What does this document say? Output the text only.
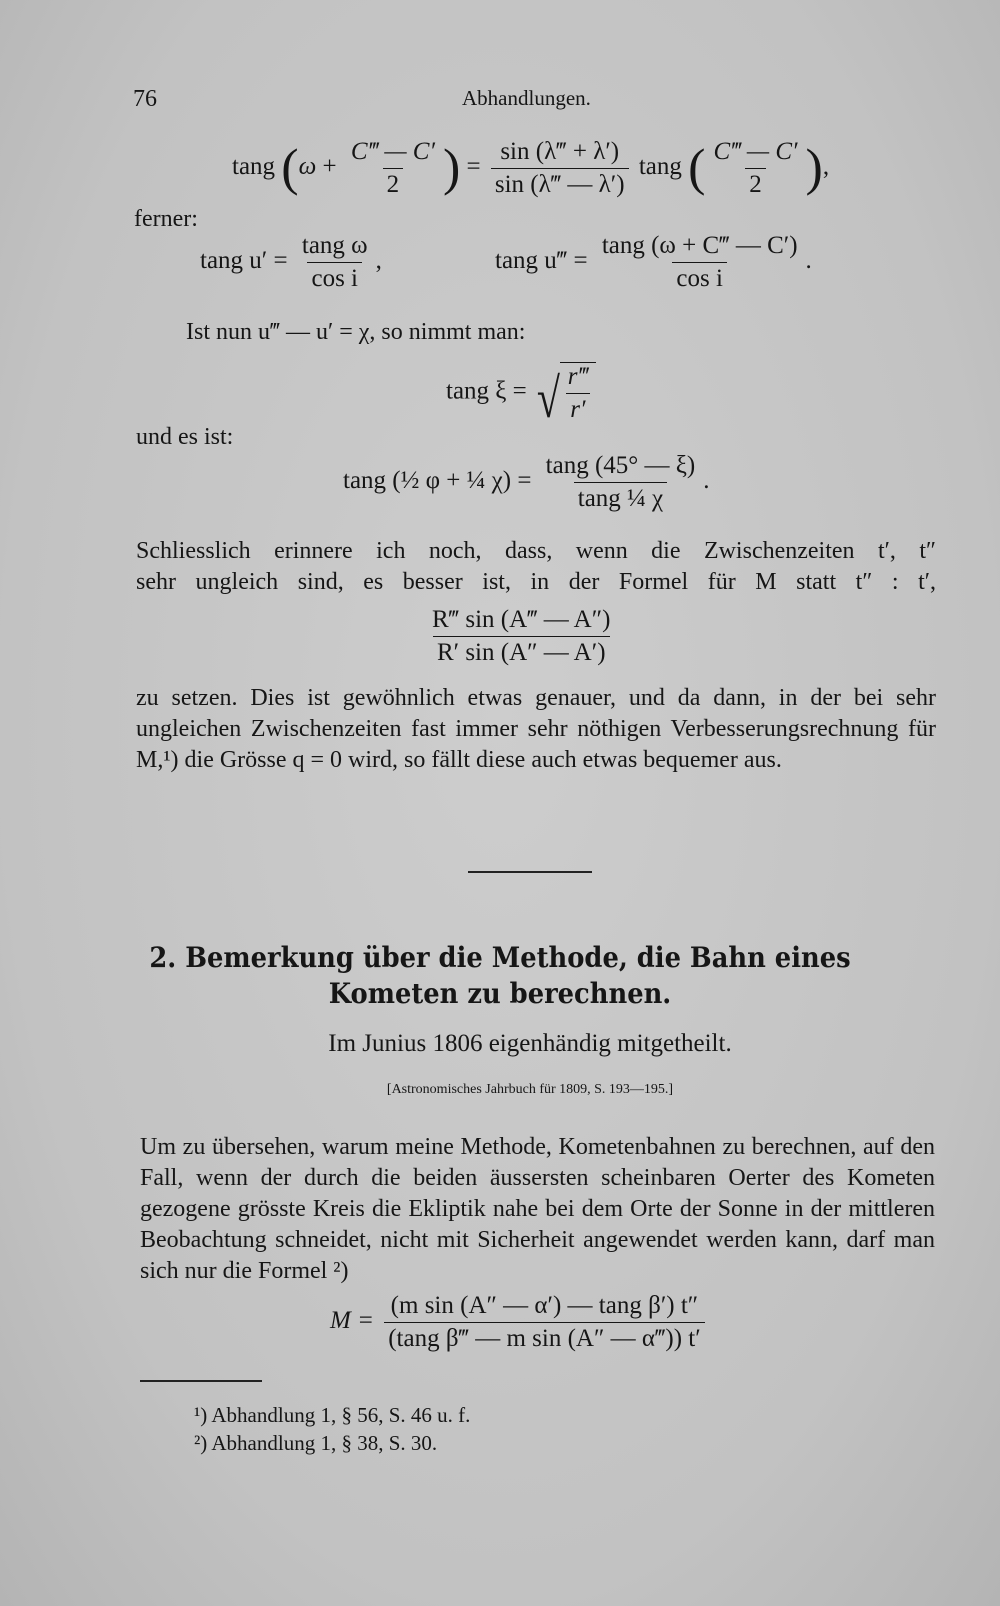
76	Abhandlungen.
tang ($\omega + \frac{C‴ — C'}{2}$ ) = $\frac{\sin (\lambda‴ + \lambda')}{\sin (\lambda‴ — \lambda')}$ tang ( $\frac{C‴ — C'}{2}$ ),
ferner:
tang $u' = \frac{\text{tang ω}}{\text{cos i}}$ ,	tang u‴ = $\frac{\tan g (\omega + C‴ — C')}{\text{cos i}}$ .
Ist nun u‴ — u′ = χ, so nimmt man:
tang ξ = √ $\frac{r‴}{r'}$
und es ist:
tang (½ φ + ¼ $\chi) = \frac{\tan g (45^\circ — \xi)}{\text{tang ¼ χ}}$ .
Schliesslich erinnere ich noch, dass, wenn die Zwischenzeiten t′, t″
sehr ungleich sind, es besser ist, in der Formel für M statt t″ : t′,
$\frac{R‴ \sin (A‴ — A'')}{R' \sin (A'' — A')}$
zu setzen. Dies ist gewöhnlich etwas genauer, und da dann, in der bei sehr ungleichen Zwischenzeiten fast immer sehr nöthigen Verbesserungsrechnung für M,¹) die Grösse q = 0 wird, so fällt diese auch etwas bequemer aus.
2. Bemerkung über die Methode, die Bahn eines Kometen zu berechnen.
Im Junius 1806 eigenhändig mitgetheilt.
[Astronomisches Jahrbuch für 1809, S. 193—195.]
Um zu übersehen, warum meine Methode, Kometenbahnen zu berechnen, auf den Fall, wenn der durch die beiden äussersten scheinbaren Oerter des Kometen gezogene grösste Kreis die Ekliptik nahe bei dem Orte der Sonne in der mittleren Beobachtung schneidet, nicht mit Sicherheit angewendet werden kann, darf man sich nur die Formel ²)
$M = \frac{\text{(m sin (A″ — α′) — tang β′) t″}}{\text{(tang β‴ — m sin (A″ — α‴)) t′}}$
¹) Abhandlung 1, § 56, S. 46 u. f.
²) Abhandlung 1, § 38, S. 30.
